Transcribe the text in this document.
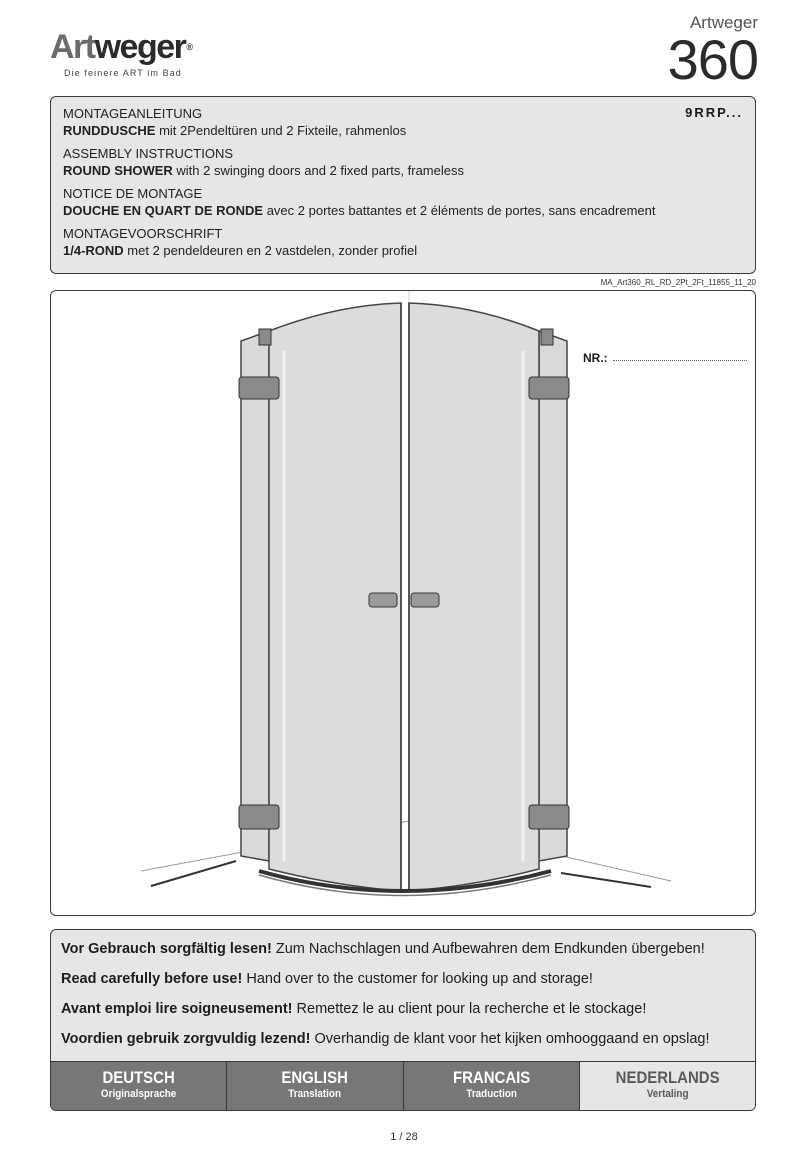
Artweger®
Die feinere ART im Bad
Artweger
360
9RRP...
MONTAGEANLEITUNG
RUNDDUSCHE mit 2Pendeltüren und 2 Fixteile, rahmenlos
ASSEMBLY INSTRUCTIONS
ROUND SHOWER with 2 swinging doors and 2 fixed parts, frameless
NOTICE DE MONTAGE
DOUCHE EN QUART DE RONDE avec 2 portes battantes et 2 éléments de portes, sans encadrement
MONTAGEVOORSCHRIFT
1/4-ROND met 2 pendeldeuren en 2 vastdelen, zonder profiel
MA_Art360_RL_RD_2Pt_2Ft_11855_11_20
NR.:
Vor Gebrauch sorgfältig lesen! Zum Nachschlagen und Aufbewahren dem Endkunden übergeben!
Read carefully before use! Hand over to the customer for looking up and storage!
Avant emploi lire soigneusement! Remettez le au client pour la recherche et le stockage!
Voordien gebruik zorgvuldig lezend! Overhandig de klant voor het kijken omhooggaand en opslag!
DEUTSCH
Originalsprache
ENGLISH
Translation
FRANCAIS
Traduction
NEDERLANDS
Vertaling
1 / 28
